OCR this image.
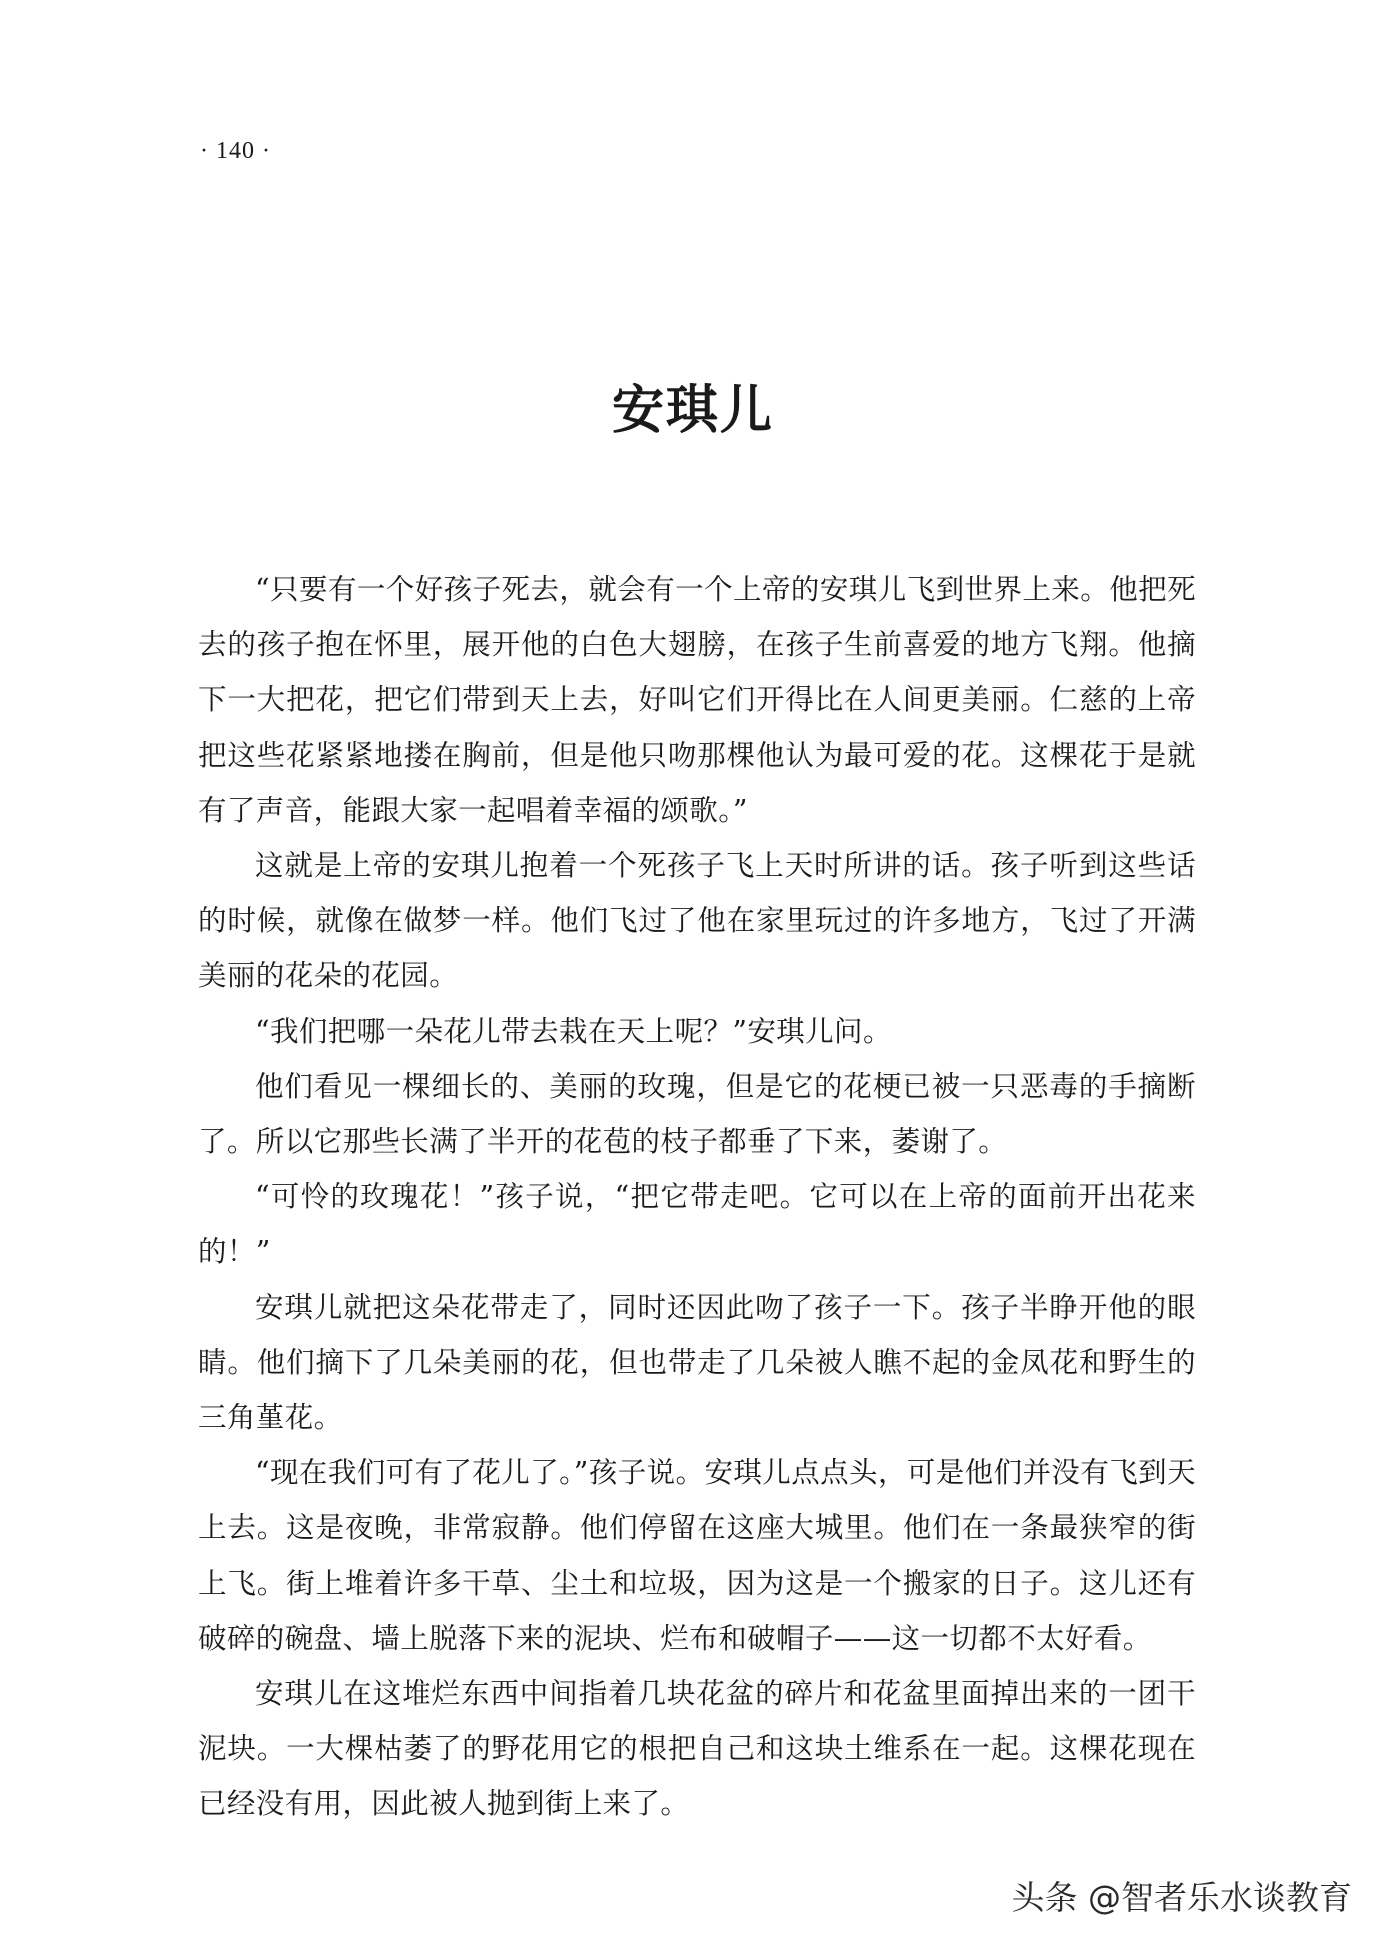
· 140 ·
安琪儿

“只要有一个好孩子死去，就会有一个上帝的安琪儿飞到世界上来。他把死去的孩子抱在怀里，展开他的白色大翅膀，在孩子生前喜爱的地方飞翔。他摘下一大把花，把它们带到天上去，好叫它们开得比在人间更美丽。仁慈的上帝把这些花紧紧地搂在胸前，但是他只吻那棵他认为最可爱的花。这棵花于是就有了声音，能跟大家一起唱着幸福的颂歌。”

这就是上帝的安琪儿抱着一个死孩子飞上天时所讲的话。孩子听到这些话的时候，就像在做梦一样。他们飞过了他在家里玩过的许多地方，飞过了开满美丽的花朵的花园。

“我们把哪一朵花儿带去栽在天上呢？”安琪儿问。

他们看见一棵细长的、美丽的玫瑰，但是它的花梗已被一只恶毒的手摘断了。所以它那些长满了半开的花苞的枝子都垂了下来，萎谢了。

“可怜的玫瑰花！”孩子说，“把它带走吧。它可以在上帝的面前开出花来的！”

安琪儿就把这朵花带走了，同时还因此吻了孩子一下。孩子半睁开他的眼睛。他们摘下了几朵美丽的花，但也带走了几朵被人瞧不起的金凤花和野生的三角堇花。

“现在我们可有了花儿了。”孩子说。安琪儿点点头，可是他们并没有飞到天上去。这是夜晚，非常寂静。他们停留在这座大城里。他们在一条最狭窄的街上飞。街上堆着许多干草、尘土和垃圾，因为这是一个搬家的日子。这儿还有破碎的碗盘、墙上脱落下来的泥块、烂布和破帽子——这一切都不太好看。

安琪儿在这堆烂东西中间指着几块花盆的碎片和花盆里面掉出来的一团干泥块。一大棵枯萎了的野花用它的根把自己和这块土维系在一起。这棵花现在已经没有用，因此被人抛到街上来了。

头条 @智者乐水谈教育
